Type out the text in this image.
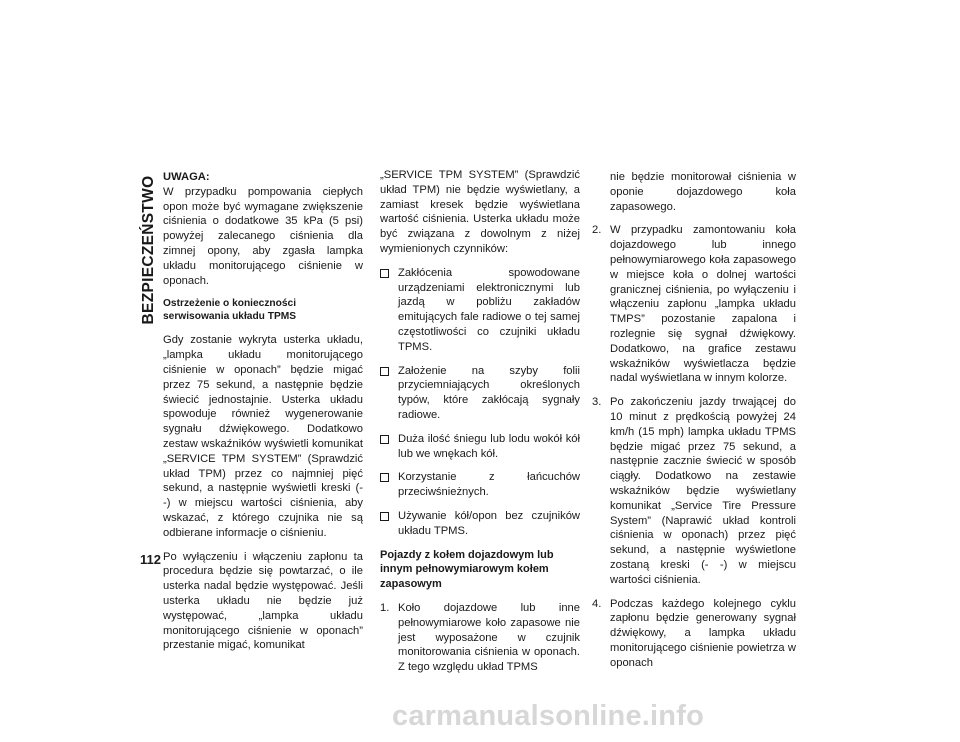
BEZPIECZEŃSTWO
112

UWAGA:

W przypadku pompowania ciepłych opon może być wymagane zwiększenie ciśnienia o dodatkowe 35 kPa (5 psi) powyżej zalecanego ciśnienia dla zimnej opony, aby zgasła lampka układu monitorującego ciśnienie w oponach.

Ostrzeżenie o konieczności serwisowania układu TPMS

Gdy zostanie wykryta usterka układu, „lampka układu monitorującego ciśnienie w oponach” będzie migać przez 75 sekund, a następnie będzie świecić jednostajnie. Usterka układu spowoduje również wygenerowanie sygnału dźwiękowego. Dodatkowo zestaw wskaźników wyświetli komunikat „SERVICE TPM SYSTEM” (Sprawdzić układ TPM) przez co najmniej pięć sekund, a następnie wyświetli kreski (- -) w miejscu wartości ciśnienia, aby wskazać, z którego czujnika nie są odbierane informacje o ciśnieniu.

Po wyłączeniu i włączeniu zapłonu ta procedura będzie się powtarzać, o ile usterka nadal będzie występować. Jeśli usterka układu nie będzie już występować, „lampka układu monitorującego ciśnienie w oponach” przestanie migać, komunikat

„SERVICE TPM SYSTEM” (Sprawdzić układ TPM) nie będzie wyświetlany, a zamiast kresek będzie wyświetlana wartość ciśnienia. Usterka układu może być związana z dowolnym z niżej wymienionych czynników:

Zakłócenia spowodowane urządzeniami elektronicznymi lub jazdą w pobliżu zakładów emitujących fale radiowe o tej samej częstotliwości co czujniki układu TPMS.
Założenie na szyby folii przyciemniających określonych typów, które zakłócają sygnały radiowe.
Duża ilość śniegu lub lodu wokół kół lub we wnękach kół.
Korzystanie z łańcuchów przeciwśnieżnych.
Używanie kół/opon bez czujników układu TPMS.

Pojazdy z kołem dojazdowym lub innym pełnowymiarowym kołem zapasowym

1. Koło dojazdowe lub inne pełnowymiarowe koło zapasowe nie jest wyposażone w czujnik monitorowania ciśnienia w oponach. Z tego względu układ TPMS

nie będzie monitorował ciśnienia w oponie dojazdowego koła zapasowego.

2. W przypadku zamontowaniu koła dojazdowego lub innego pełnowymiarowego koła zapasowego w miejsce koła o dolnej wartości granicznej ciśnienia, po wyłączeniu i włączeniu zapłonu „lampka układu TMPS” pozostanie zapalona i rozlegnie się sygnał dźwiękowy. Dodatkowo, na grafice zestawu wskaźników wyświetlacza będzie nadal wyświetlana w innym kolorze.
3. Po zakończeniu jazdy trwającej do 10 minut z prędkością powyżej 24 km/h (15 mph) lampka układu TPMS będzie migać przez 75 sekund, a następnie zacznie świecić w sposób ciągły. Dodatkowo na zestawie wskaźników będzie wyświetlany komunikat „Service Tire Pressure System” (Naprawić układ kontroli ciśnienia w oponach) przez pięć sekund, a następnie wyświetlone zostaną kreski (- -) w miejscu wartości ciśnienia.
4. Podczas każdego kolejnego cyklu zapłonu będzie generowany sygnał dźwiękowy, a lampka układu monitorującego ciśnienie powietrza w oponach
carmanualsonline.info
